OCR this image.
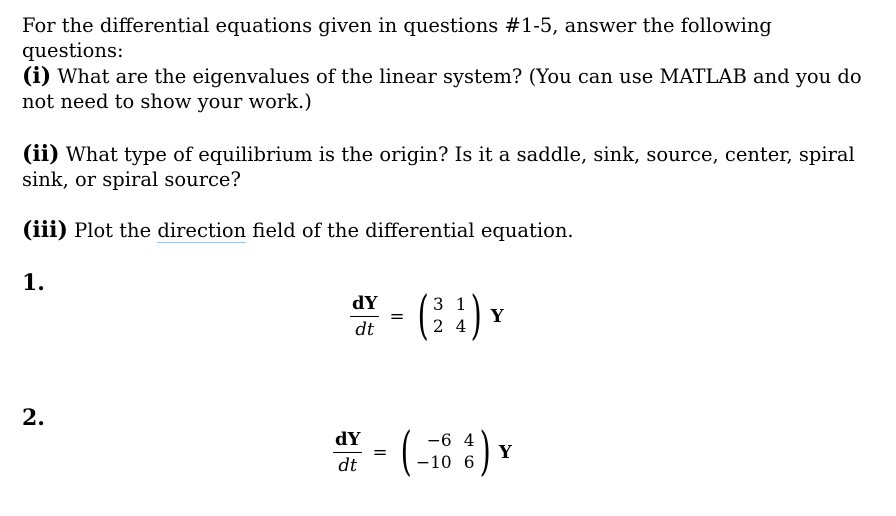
For the differential equations given in questions #1-5, answer the following questions:
(i) What are the eigenvalues of the linear system? (You can use MATLAB and you do not need to show your work.)
(ii) What type of equilibrium is the origin? Is it a saddle, sink, source, center, spiral sink, or spiral source?
(iii) Plot the direction field of the differential equation.
1.
$\frac{dY}{dt}$ = ( 3 1
2 4 ) Y
2.
$\frac{dY}{dt}$ = ( −6 4
−10 6 ) Y
